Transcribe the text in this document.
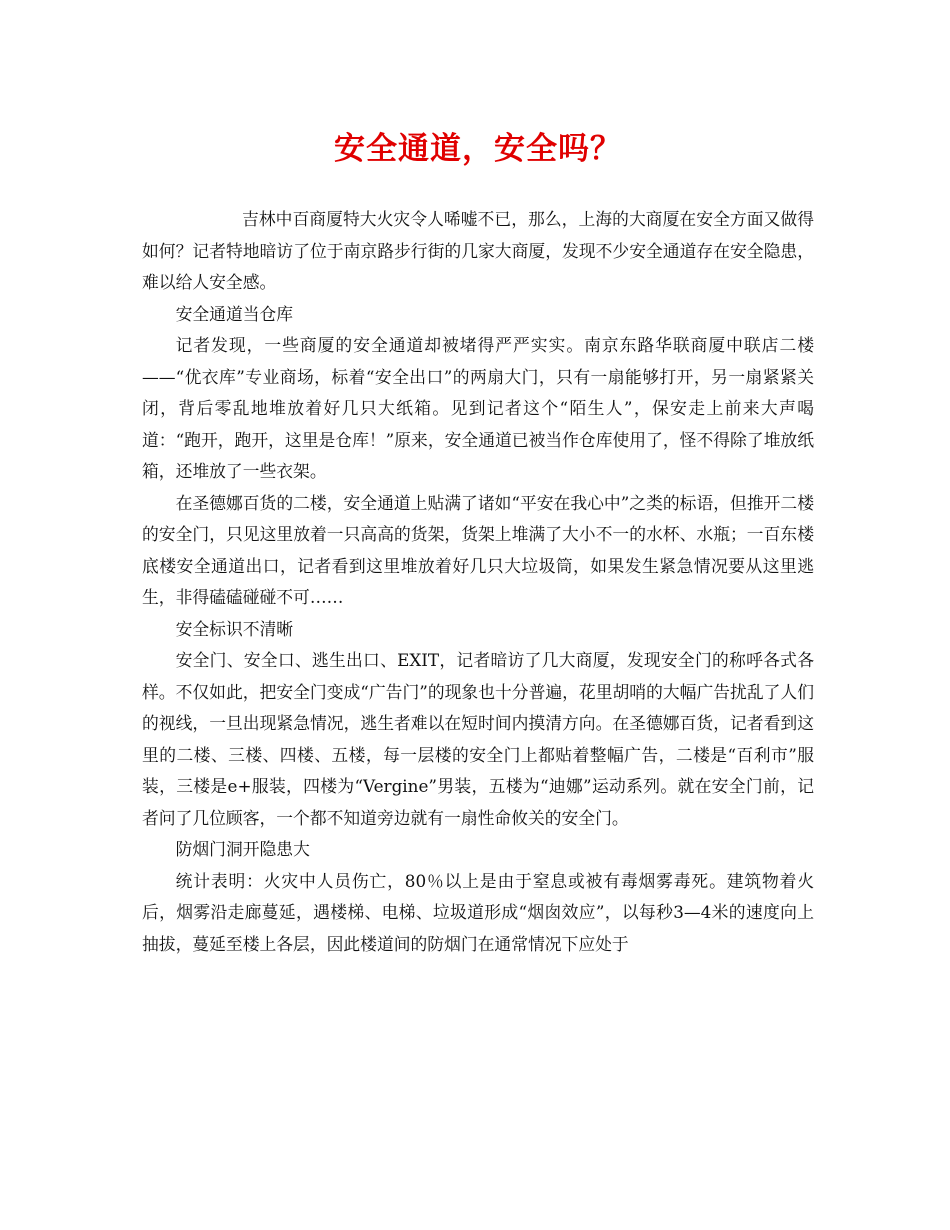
安全通道，安全吗？

吉林中百商厦特大火灾令人唏嘘不已，那么，上海的大商厦在安全方面又做得如何？记者特地暗访了位于南京路步行街的几家大商厦，发现不少安全通道存在安全隐患，难以给人安全感。

安全通道当仓库

记者发现，一些商厦的安全通道却被堵得严严实实。南京东路华联商厦中联店二楼——“优衣库”专业商场，标着“安全出口”的两扇大门，只有一扇能够打开，另一扇紧紧关闭，背后零乱地堆放着好几只大纸箱。见到记者这个“陌生人”，保安走上前来大声喝道：“跑开，跑开，这里是仓库！”原来，安全通道已被当作仓库使用了，怪不得除了堆放纸箱，还堆放了一些衣架。

在圣德娜百货的二楼，安全通道上贴满了诸如“平安在我心中”之类的标语，但推开二楼的安全门，只见这里放着一只高高的货架，货架上堆满了大小不一的水杯、水瓶；一百东楼底楼安全通道出口，记者看到这里堆放着好几只大垃圾筒，如果发生紧急情况要从这里逃生，非得磕磕碰碰不可……

安全标识不清晰

安全门、安全口、逃生出口、EXIT，记者暗访了几大商厦，发现安全门的称呼各式各样。不仅如此，把安全门变成“广告门”的现象也十分普遍，花里胡哨的大幅广告扰乱了人们的视线，一旦出现紧急情况，逃生者难以在短时间内摸清方向。在圣德娜百货，记者看到这里的二楼、三楼、四楼、五楼，每一层楼的安全门上都贴着整幅广告，二楼是“百利市”服装，三楼是e+服装，四楼为“Vergine”男装，五楼为“迪娜”运动系列。就在安全门前，记者问了几位顾客，一个都不知道旁边就有一扇性命攸关的安全门。

防烟门洞开隐患大

统计表明：火灾中人员伤亡，80％以上是由于窒息或被有毒烟雾毒死。建筑物着火后，烟雾沿走廊蔓延，遇楼梯、电梯、垃圾道形成“烟囱效应”，以每秒3—4米的速度向上抽拔，蔓延至楼上各层，因此楼道间的防烟门在通常情况下应处于
